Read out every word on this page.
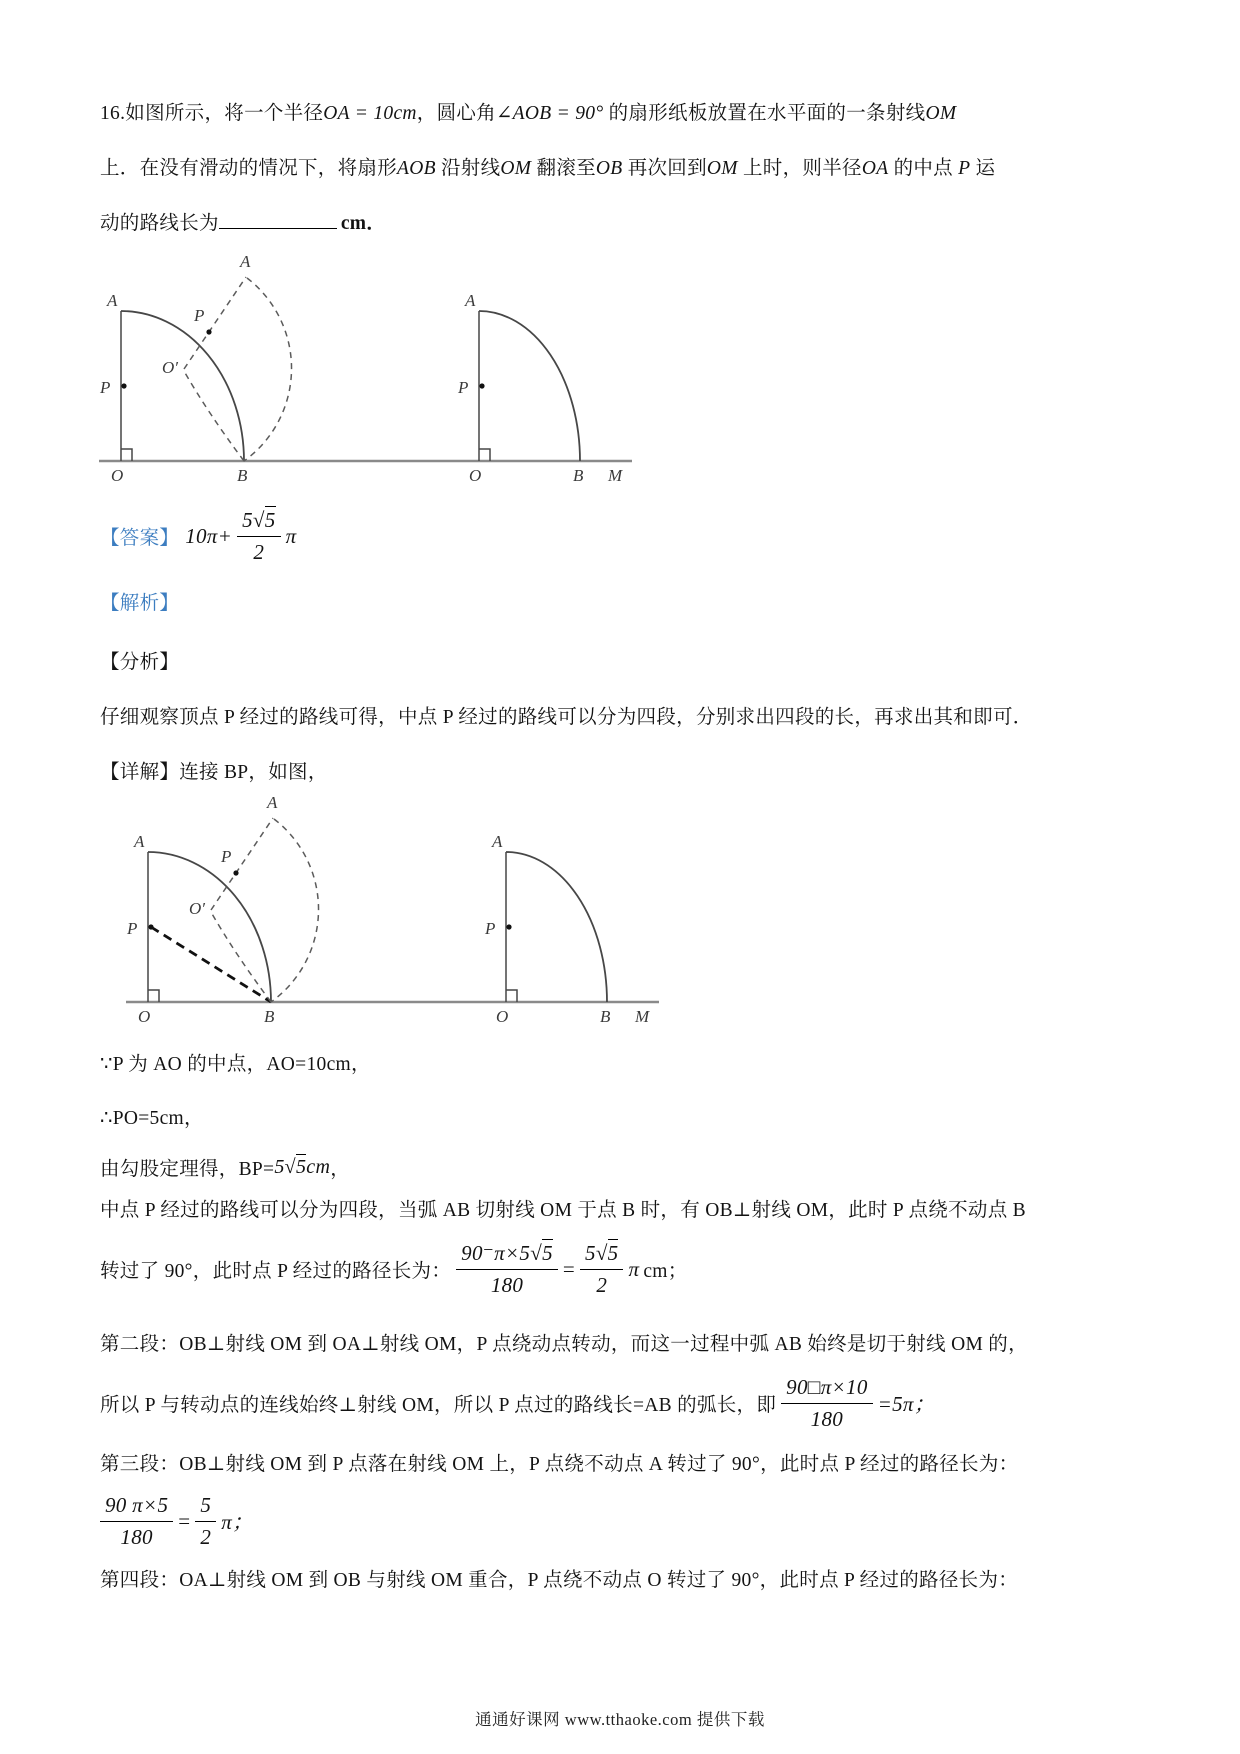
16.如图所示，将一个半径OA = 10cm，圆心角∠AOB = 90° 的扇形纸板放置在水平面的一条射线OM

上．在没有滑动的情况下，将扇形AOB 沿射线OM 翻滚至OB 再次回到OM 上时，则半径OA 的中点 P 运

动的路线长为	cm．

A
P
O	B
O′
P
A
A
P
O	B M
【答案】 $10\pi+ \frac{5√5}{2}$ π

【解析】

【分析】

仔细观察顶点 P 经过的路线可得，中点 P 经过的路线可以分为四段，分别求出四段的长，再求出其和即可．

【详解】连接 BP，如图，

A
P
O	B
O′
P
A
A
P
O	B M

∵P 为 AO 的中点，AO=10cm，

∴PO=5cm，

由勾股定理得，BP= 5√5cm ，

中点 P 经过的路线可以分为四段，当弧 AB 切射线 OM 于点 B 时，有 OB⊥射线 OM，此时 P 点绕不动点 B

转过了 90°，此时点 P 经过的路径长为： $\frac{90^-\pi\times 5√5}{180} = \frac{5√5}{2}$ π cm；

第二段：OB⊥射线 OM 到 OA⊥射线 OM，P 点绕动点转动，而这一过程中弧 AB 始终是切于射线 OM 的，

所以 P 与转动点的连线始终⊥射线 OM，所以 P 点过的路线长=AB 的弧长，即 $\frac{90□\pi\times 10}{180} =5\pi$；

第三段：OB⊥射线 OM 到 P 点落在射线 OM 上，P 点绕不动点 A 转过了 90°，此时点 P 经过的路径长为：

$\frac{90 \pi\times 5}{180} = \frac{5}{2}$ π；

第四段：OA⊥射线 OM 到 OB 与射线 OM 重合，P 点绕不动点 O 转过了 90°，此时点 P 经过的路径长为：

通通好课网 www.tthaoke.com 提供下载
